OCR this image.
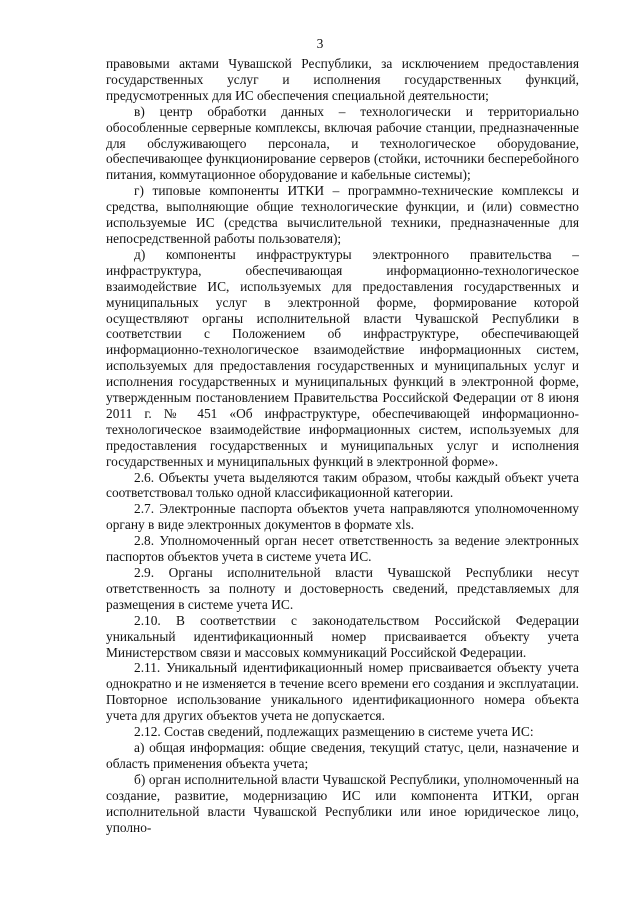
3

правовыми актами Чувашской Республики, за исключением предоставления государственных услуг и исполнения государственных функций, предусмотренных для ИС обеспечения специальной деятельности;

в) центр обработки данных – технологически и территориально обособленные серверные комплексы, включая рабочие станции, предназначенные для обслуживающего персонала, и технологическое оборудование, обеспечивающее функционирование серверов (стойки, источники бесперебойного питания, коммутационное оборудование и кабельные системы);

г) типовые компоненты ИТКИ – программно-технические комплексы и средства, выполняющие общие технологические функции, и (или) совместно используемые ИС (средства вычислительной техники, предназначенные для непосредственной работы пользователя);

д) компоненты инфраструктуры электронного правительства – инфраструктура, обеспечивающая информационно-технологическое взаимодействие ИС, используемых для предоставления государственных и муниципальных услуг в электронной форме, формирование которой осуществляют органы исполнительной власти Чувашской Республики в соответствии с Положением об инфраструктуре, обеспечивающей информационно-технологическое взаимодействие информационных систем, используемых для предоставления государственных и муниципальных услуг и исполнения государственных и муниципальных функций в электронной форме, утвержденным постановлением Правительства Российской Федерации от 8 июня 2011 г. № 451 «Об инфраструктуре, обеспечивающей информационно-технологическое взаимодействие информационных систем, используемых для предоставления государственных и муниципальных услуг и исполнения государственных и муниципальных функций в электронной форме».

2.6. Объекты учета выделяются таким образом, чтобы каждый объект учета соответствовал только одной классификационной категории.

2.7. Электронные паспорта объектов учета направляются уполномоченному органу в виде электронных документов в формате xls.

2.8. Уполномоченный орган несет ответственность за ведение электронных паспортов объектов учета в системе учета ИС.

2.9. Органы исполнительной власти Чувашской Республики несут ответственность за полноту и достоверность сведений, представляемых для размещения в системе учета ИС.

2.10. В соответствии с законодательством Российской Федерации уникальный идентификационный номер присваивается объекту учета Министерством связи и массовых коммуникаций Российской Федерации.

2.11. Уникальный идентификационный номер присваивается объекту учета однократно и не изменяется в течение всего времени его создания и эксплуатации. Повторное использование уникального идентификационного номера объекта учета для других объектов учета не допускается.

2.12. Состав сведений, подлежащих размещению в системе учета ИС:

а) общая информация: общие сведения, текущий статус, цели, назначение и область применения объекта учета;

б) орган исполнительной власти Чувашской Республики, уполномоченный на создание, развитие, модернизацию ИС или компонента ИТКИ, орган исполнительной власти Чувашской Республики или иное юридическое лицо, уполно-
